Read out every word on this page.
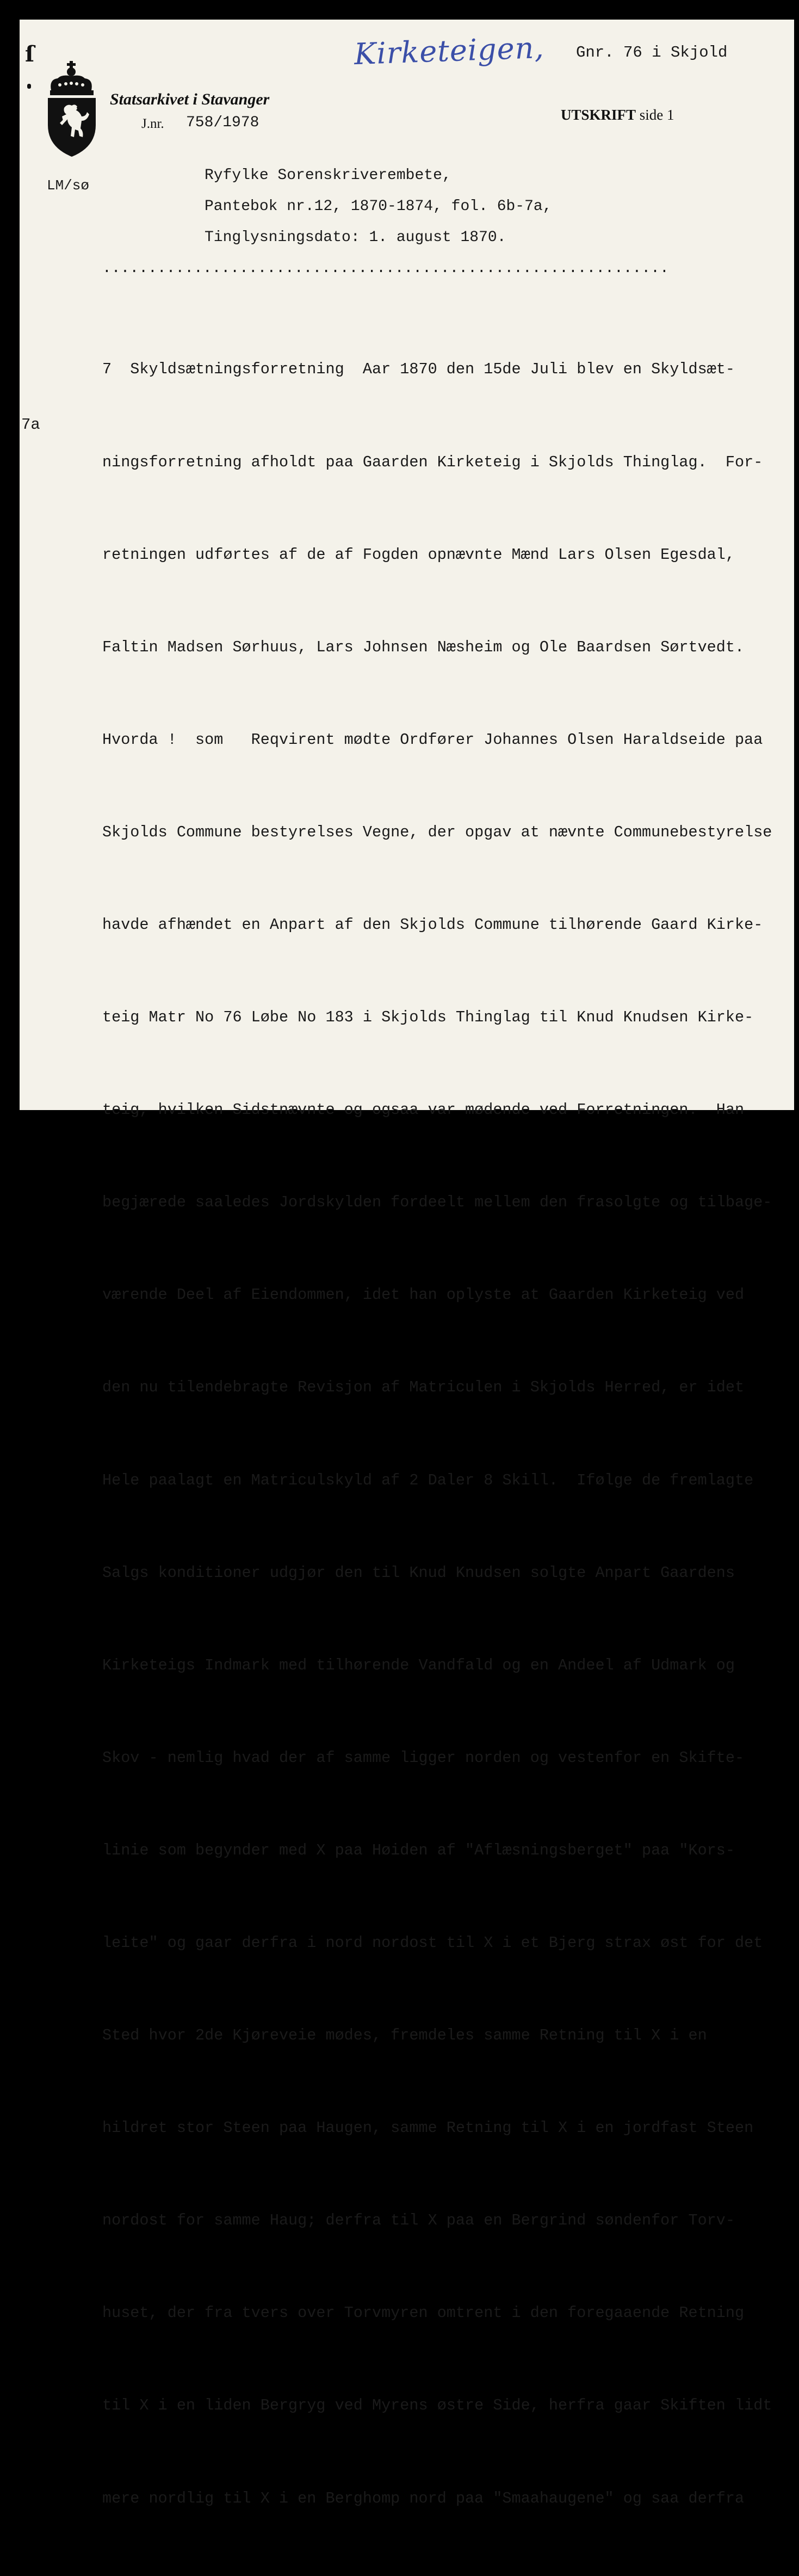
ſ	Kirketeigen, Gnr. 76 i Skjold
Statsarkivet i Stavanger
J.nr. 758/1978	UTSKRIFT side 1
LM/sø
Ryfylke Sorenskriverembete,
Pantebok nr.12, 1870-1874, fol. 6b-7a,
Tinglysningsdato: 1. august 1870.
..............................................................
7a

7  Skyldsætningsforretning  Aar 1870 den 15de Juli blev en Skyldsæt-

ningsforretning afholdt paa Gaarden Kirketeig i Skjolds Thinglag.  For-

retningen udførtes af de af Fogden opnævnte Mænd Lars Olsen Egesdal,

Faltin Madsen Sørhuus, Lars Johnsen Næsheim og Ole Baardsen Sørtvedt.

Hvorda !  som   Reqvirent mødte Ordfører Johannes Olsen Haraldseide paa

Skjolds Commune bestyrelses Vegne, der opgav at nævnte Communebestyrelse

havde afhændet en Anpart af den Skjolds Commune tilhørende Gaard Kirke-

teig Matr No 76 Løbe No 183 i Skjolds Thinglag til Knud Knudsen Kirke-

teig, hvilken Sidstnævnte og ogsaa var mødende ved Forretningen.  Han

begjærede saaledes Jordskylden fordeelt mellem den frasolgte og tilbage-

værende Deel af Eiendommen, idet han oplyste at Gaarden Kirketeig ved

den nu tilendebragte Revisjon af Matriculen i Skjolds Herred, er idet

Hele paalagt en Matriculskyld af 2 Daler 8 Skill.  Ifølge de fremlagte

Salgs konditioner udgjør den til Knud Knudsen solgte Anpart Gaardens

Kirketeigs Indmark med tilhørende Vandfald og en Andeel af Udmark og

Skov - nemlig hvad der af samme ligger norden og vestenfor en Skifte-

linie som begynder med X paa Høiden af "Aflæsningsberget" paa "Kors-

leite" og gaar derfra i nord nordost til X i et Bjerg strax øst for det

Sted hvor 2de Kjøreveie mødes, fremdeles samme Retning til X i en

hildret stor Steen paa Haugen, samme Retning til X i en jordfast Steen

nordost for samme Haug; derfra til X paa en Bergrind søndenfor Torv-

huset, der fra tvers over Torvmyren omtrent i den foregaaende Retning

til X i en liden Bergryg ved Myrens østre Side, herfra gaar Skiften lidt

mere nordlig til X i en Berghomp nord paa "Smaahaugene" og saa derfra
